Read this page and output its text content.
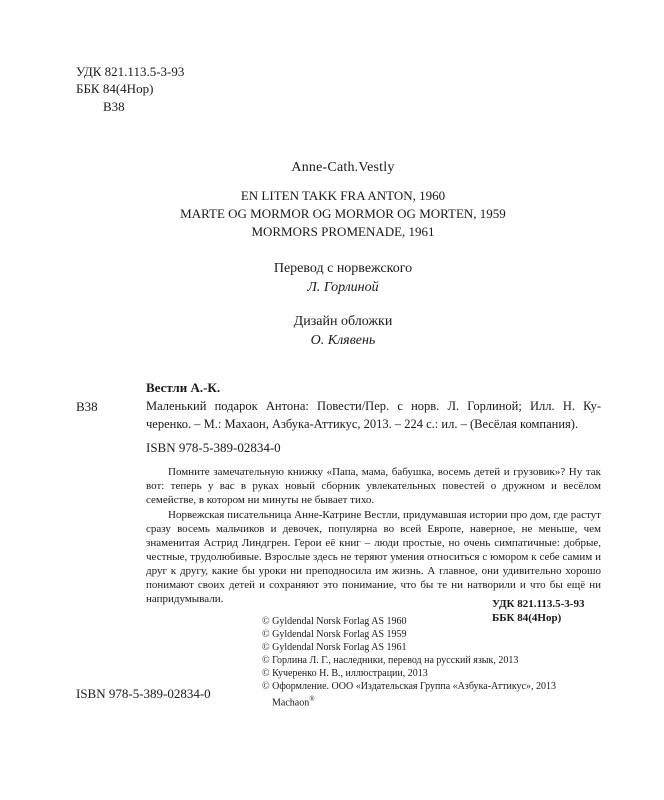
УДК 821.113.5-3-93
ББК 84(4Нор)
В38
Anne-Cath.Vestly
EN LITEN TAKK FRA ANTON, 1960
MARTE OG MORMOR OG MORMOR OG MORTEN, 1959
MORMORS PROMENADE, 1961
Перевод с норвежского
Л. Горлиной
Дизайн обложки
О. Клявень
Вестли А.-К.
В38	Маленький подарок Антона: Повести/Пер. с норв. Л. Горлиной; Илл. Н. Ку-
черенко. – М.: Махаон, Азбука-Аттикус, 2013. – 224 с.: ил. – (Весёлая компания).
ISBN 978-5-389-02834-0
Помните замечательную книжку «Папа, мама, бабушка, восемь детей и грузовик»? Ну так вот: теперь у вас в руках новый сборник увлекательных повестей о дружном и весёлом семействе, в котором ни минуты не бывает тихо.
Норвежская писательница Анне-Катрине Вестли, придумавшая истории про дом, где растут сразу восемь мальчиков и девочек, популярна во всей Европе, наверное, не меньше, чем знаменитая Астрид Линдгрен. Герои её книг – люди простые, но очень симпатичные: добрые, честные, трудолюбивые. Взрослые здесь не теряют умения относиться с юмором к себе самим и друг к другу, какие бы уроки ни преподносила им жизнь. А главное, они удивительно хорошо понимают своих детей и сохраняют это понимание, что бы те ни натворили и что бы ещё ни напридумывали.	УДК 821.113.5-3-93
ББК 84(4Нор)
© Gyldendal Norsk Forlag AS 1960
© Gyldendal Norsk Forlag AS 1959
© Gyldendal Norsk Forlag AS 1961
© Горлина Л. Г., наследники, перевод на русский язык, 2013
© Кучеренко Н. В., иллюстрации, 2013
© Оформление. ООО «Издательская Группа «Азбука-Аттикус», 2013
Machaon®
ISBN 978-5-389-02834-0
